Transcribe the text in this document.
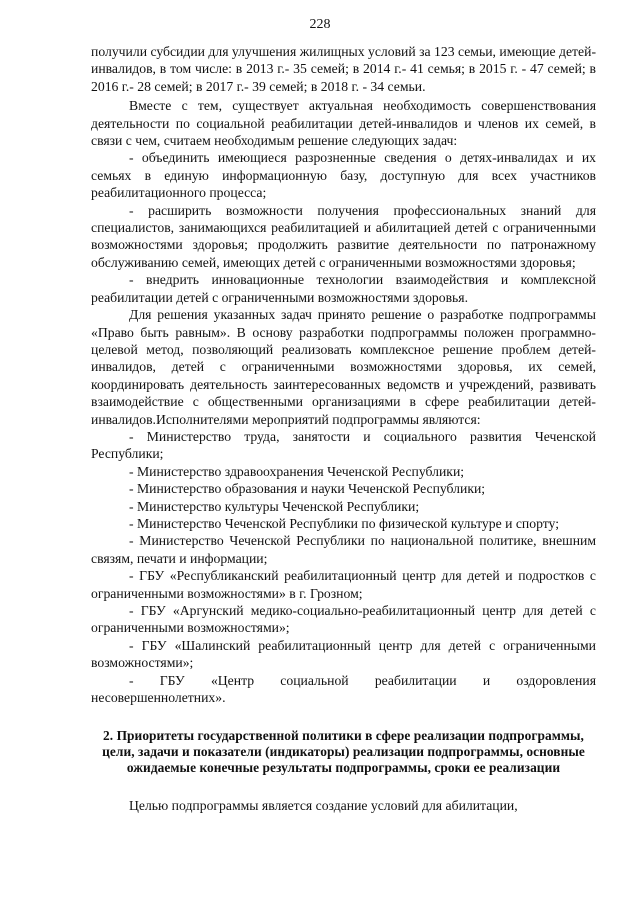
228

получили субсидии для улучшения жилищных условий за 123 семьи, имеющие детей-инвалидов, в том числе: в 2013 г.- 35 семей; в 2014 г.- 41 семья; в 2015 г. - 47 семей; в 2016 г.- 28 семей; в 2017 г.- 39 семей; в 2018 г. - 34 семьи.

Вместе с тем, существует актуальная необходимость совершенствования деятельности по социальной реабилитации детей-инвалидов и членов их семей, в связи с чем, считаем необходимым решение следующих задач:

- объединить имеющиеся разрозненные сведения о детях-инвалидах и их семьях в единую информационную базу, доступную для всех участников реабилитационного процесса;

- расширить возможности получения профессиональных знаний для специалистов, занимающихся реабилитацией и абилитацией детей с ограниченными возможностями здоровья; продолжить развитие деятельности по патронажному обслуживанию семей, имеющих детей с ограниченными возможностями здоровья;

- внедрить инновационные технологии взаимодействия и комплексной реабилитации детей с ограниченными возможностями здоровья.

Для решения указанных задач принято решение о разработке подпрограммы «Право быть равным». В основу разработки подпрограммы положен программно-целевой метод, позволяющий реализовать комплексное решение проблем детей-инвалидов, детей с ограниченными возможностями здоровья, их семей, координировать деятельность заинтересованных ведомств и учреждений, развивать взаимодействие с общественными организациями в сфере реабилитации детей-инвалидов.Исполнителями мероприятий подпрограммы являются:

- Министерство труда, занятости и социального развития Чеченской Республики;

- Министерство здравоохранения Чеченской Республики;

- Министерство образования и науки Чеченской Республики;

- Министерство культуры Чеченской Республики;

- Министерство Чеченской Республики по физической культуре и спорту;

- Министерство Чеченской Республики по национальной политике, внешним связям, печати и информации;

- ГБУ «Республиканский реабилитационный центр для детей и подростков с ограниченными возможностями» в г. Грозном;

- ГБУ «Аргунский медико-социально-реабилитационный центр для детей с ограниченными возможностями»;

- ГБУ «Шалинский реабилитационный центр для детей с ограниченными возможностями»;

- ГБУ «Центр социальной реабилитации и оздоровления несовершеннолетних».

2. Приоритеты государственной политики в сфере реализации подпрограммы, цели, задачи и показатели (индикаторы) реализации подпрограммы, основные ожидаемые конечные результаты подпрограммы, сроки ее реализации

Целью подпрограммы является создание условий для абилитации,
